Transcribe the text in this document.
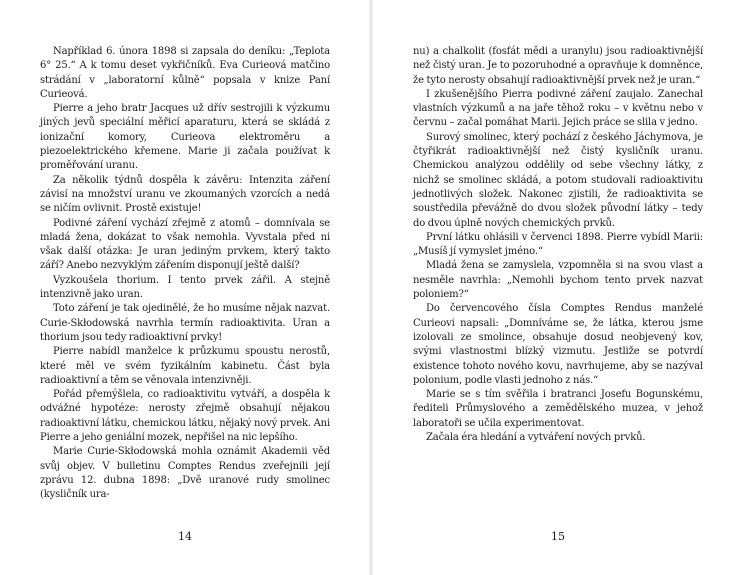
Například 6. února 1898 si zapsala do deníku: „Teplota 6° 25.“ A k tomu deset vykřičníků. Eva Curieová matčino strádání v „laboratorní kůlně“ popsala v knize Paní Curieová.

Pierre a jeho bratr Jacques už dřív sestrojili k výzkumu jiných jevů speciální měřicí aparaturu, která se skládá z ionizační komory, Curieova elektroměru a piezoelektrického křemene. Marie ji začala používat k proměřování uranu.

Za několik týdnů dospěla k závěru: Intenzita záření závisí na množství uranu ve zkoumaných vzorcích a nedá se ničím ovlivnit. Prostě existuje!

Podivné záření vychází zřejmě z atomů – domnívala se mladá žena, dokázat to však nemohla. Vyvstala před ni však další otázka: Je uran jediným prvkem, který takto září? Anebo nezvyklým zářením disponují ještě další?

Vyzkoušela thorium. I tento prvek zářil. A stejně intenzivně jako uran.

Toto záření je tak ojedinělé, že ho musíme nějak nazvat. Curie-Skłodowská navrhla termín radioaktivita. Uran a thorium jsou tedy radioaktivní prvky!

Pierre nabídl manželce k průzkumu spoustu nerostů, které měl ve svém fyzikálním kabinetu. Část byla radioaktivní a těm se věnovala intenzivněji.

Pořád přemýšlela, co radioaktivitu vytváří, a dospěla k odvážné hypotéze: nerosty zřejmě obsahují nějakou radioaktivní látku, chemickou látku, nějaký nový prvek. Ani Pierre a jeho geniální mozek, nepřišel na nic lepšího.

Marie Curie-Skłodowská mohla oznámit Akademii věd svůj objev. V bulletinu Comptes Rendus zveřejnili její zprávu 12. dubna 1898: „Dvě uranové rudy smolinec (kysličník ura-

14

nu) a chalkolit (fosfát mědi a uranylu) jsou radioaktivnější než čistý uran. Je to pozoruhodné a opravňuje k domněnce, že tyto nerosty obsahují radioaktivnější prvek než je uran.“

I zkušenějšího Pierra podivné záření zaujalo. Zanechal vlastních výzkumů a na jaře těhož roku – v květnu nebo v červnu – začal pomáhat Marii. Jejich práce se slila v jedno.

Surový smolinec, který pochází z českého Jáchymova, je čtyřikrát radioaktivnější než čistý kysličník uranu. Chemickou analýzou oddělily od sebe všechny látky, z nichž se smolinec skládá, a potom studovali radioaktivitu jednotlivých složek. Nakonec zjistili, že radioaktivita se soustředila převážně do dvou složek původní látky – tedy do dvou úplně nových chemických prvků.

První látku ohlásili v červenci 1898. Pierre vybídl Marii: „Musíš jí vymyslet jméno.“

Mladá žena se zamyslela, vzpomněla si na svou vlast a nesměle navrhla: „Nemohli bychom tento prvek nazvat poloniem?“

Do červencového čísla Comptes Rendus manželé Curieovi napsali: „Domníváme se, že látka, kterou jsme izolovali ze smolince, obsahuje dosud neobjevený kov, svými vlastnostmi blízký vizmutu. Jestliže se potvrdí existence tohoto nového kovu, navrhujeme, aby se nazýval polonium, podle vlasti jednoho z nás.“

Marie se s tím svěřila i bratranci Josefu Bogunskému, řediteli Průmyslového a zemědělského muzea, v jehož laboratoři se učila experimentovat.

Začala éra hledání a vytváření nových prvků.

15
